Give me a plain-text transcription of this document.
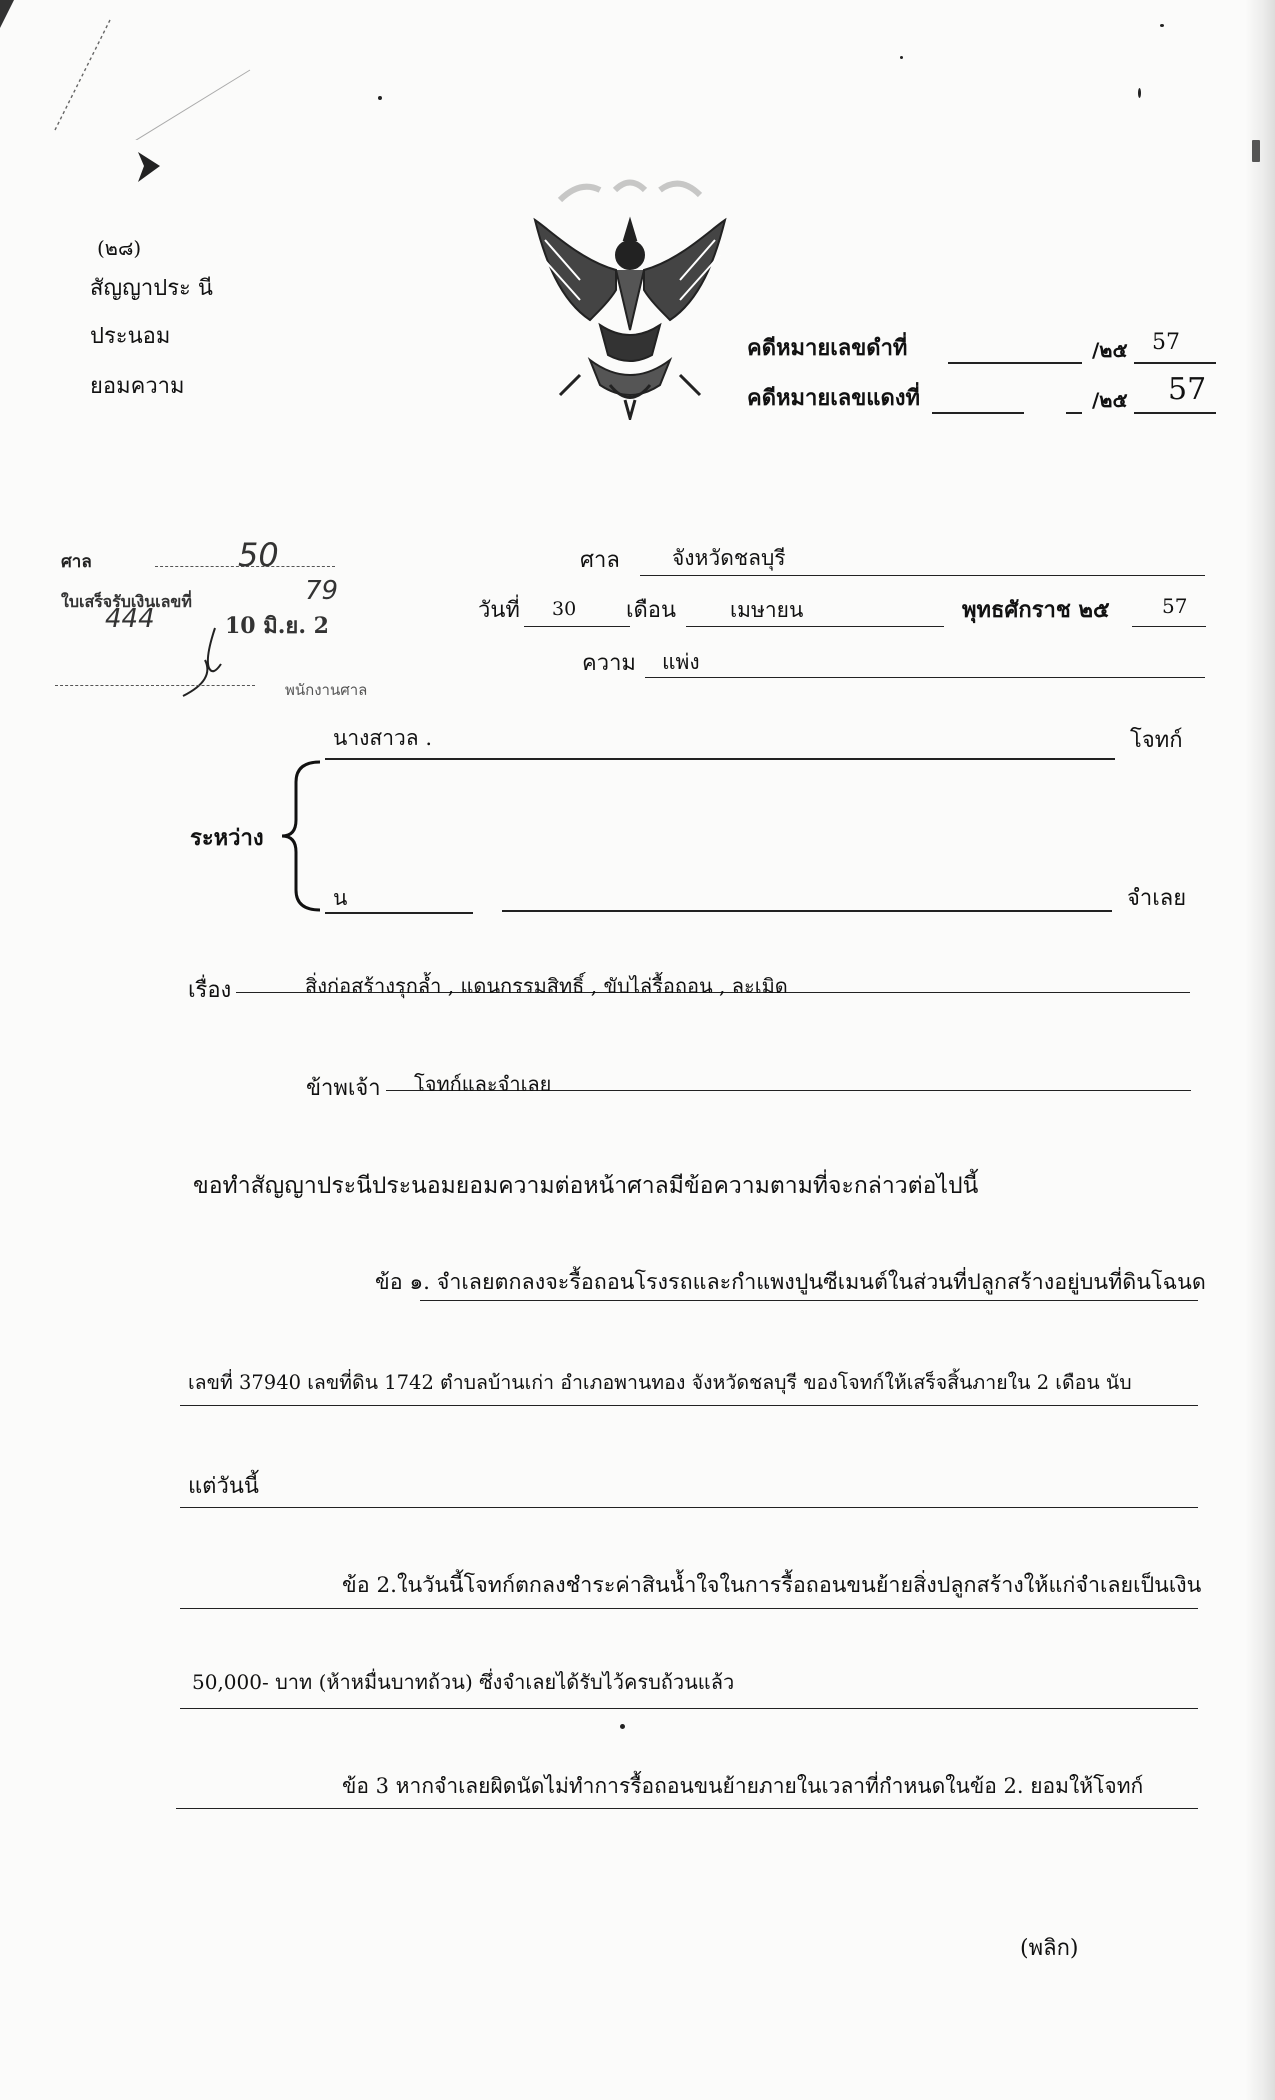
(๒๘)
สัญญาประ นี
ประนอม
ยอมความ
คดีหมายเลขดำที่	/๒๕ 57
คดีหมายเลขแดงที่	/๒๕ 57
ศาล	50
ใบเสร็จรับเงินเลขที่	79
444	10 มิ.ย. 2
พนักงานศาล
ศาล จังหวัดชลบุรี
วันที่ 30 เดือน	เมษายน	พุทธศักราช ๒๕	57
ความ แพ่ง
นางสาวล .	โจทก์
ระหว่าง
น	จำเลย
เรื่อง	สิ่งก่อสร้างรุกล้ำ , แดนกรรมสิทธิ์ , ขับไล่รื้อถอน , ละเมิด
ข้าพเจ้า โจทก์และจำเลย
ขอทำสัญญาประนีประนอมยอมความต่อหน้าศาลมีข้อความตามที่จะกล่าวต่อไปนี้
ข้อ ๑. จำเลยตกลงจะรื้อถอนโรงรถและกำแพงปูนซีเมนต์ในส่วนที่ปลูกสร้างอยู่บนที่ดินโฉนด
เลขที่ 37940 เลขที่ดิน 1742 ตำบลบ้านเก่า อำเภอพานทอง จังหวัดชลบุรี ของโจทก์ให้เสร็จสิ้นภายใน 2 เดือน นับ
แต่วันนี้
ข้อ 2.ในวันนี้โจทก์ตกลงชำระค่าสินน้ำใจในการรื้อถอนขนย้ายสิ่งปลูกสร้างให้แก่จำเลยเป็นเงิน
50,000- บาท (ห้าหมื่นบาทถ้วน) ซึ่งจำเลยได้รับไว้ครบถ้วนแล้ว
ข้อ 3 หากจำเลยผิดนัดไม่ทำการรื้อถอนขนย้ายภายในเวลาที่กำหนดในข้อ 2. ยอมให้โจทก์
(พลิก)
